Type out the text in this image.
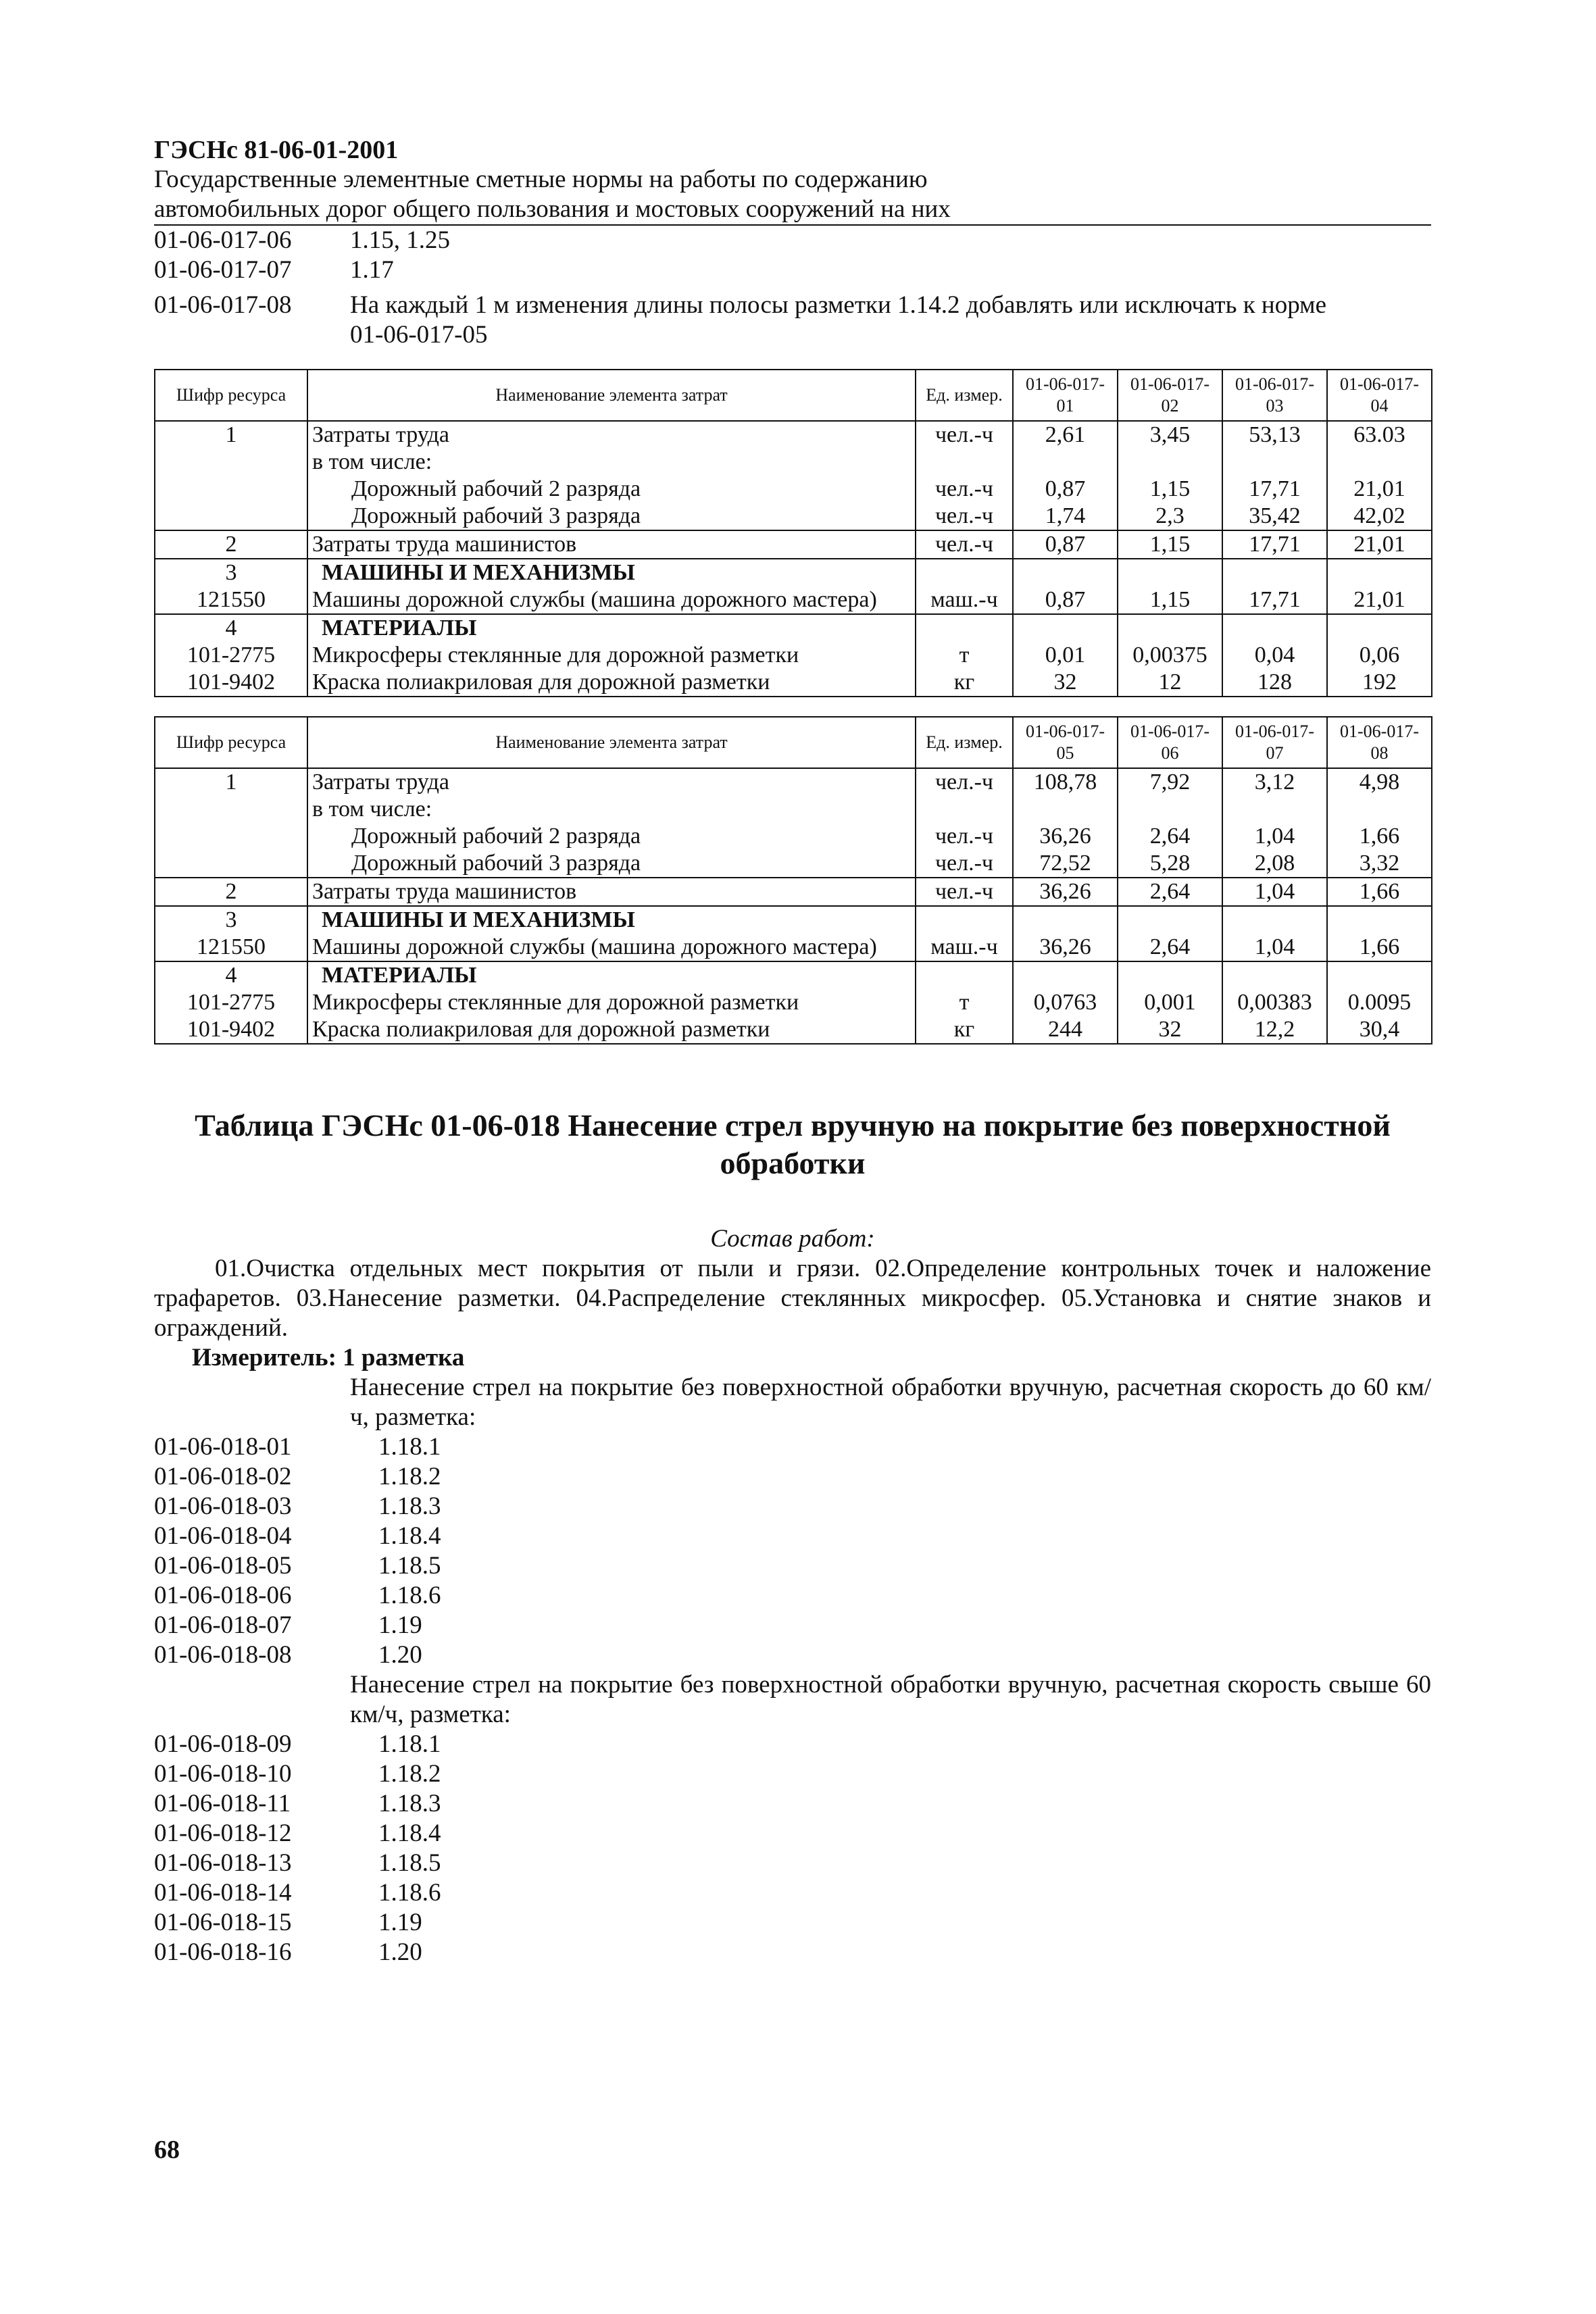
ГЭСНс 81-06-01-2001
Государственные элементные сметные нормы на работы по содержанию
автомобильных дорог общего пользования и мостовых сооружений на них
01-06-017-06	1.15, 1.25
01-06-017-07	1.17
01-06-017-08	На каждый 1 м изменения длины полосы разметки 1.14.2 добавлять или исключать к норме
01-06-017-05
Шифр ресурса	Наименование элемента затрат	Ед. измер.	01-06-017-01	01-06-017-02	01-06-017-03	01-06-017-04
1	Затраты труда	чел.-ч	2,61	3,45	53,13	63.03
	в том числе:					
	Дорожный рабочий 2 разряда	чел.-ч	0,87	1,15	17,71	21,01
	Дорожный рабочий 3 разряда	чел.-ч	1,74	2,3	35,42	42,02
2	Затраты труда машинистов	чел.-ч	0,87	1,15	17,71	21,01
3	МАШИНЫ И МЕХАНИЗМЫ					
121550	Машины дорожной службы (машина дорожного мастера)	маш.-ч	0,87	1,15	17,71	21,01
4	МАТЕРИАЛЫ					
101-2775	Микросферы стеклянные для дорожной разметки	т	0,01	0,00375	0,04	0,06
101-9402	Краска полиакриловая для дорожной разметки	кг	32	12	128	192
Шифр ресурса	Наименование элемента затрат	Ед. измер.	01-06-017-05	01-06-017-06	01-06-017-07	01-06-017-08
1	Затраты труда	чел.-ч	108,78	7,92	3,12	4,98
	в том числе:					
	Дорожный рабочий 2 разряда	чел.-ч	36,26	2,64	1,04	1,66
	Дорожный рабочий 3 разряда	чел.-ч	72,52	5,28	2,08	3,32
2	Затраты труда машинистов	чел.-ч	36,26	2,64	1,04	1,66
3	МАШИНЫ И МЕХАНИЗМЫ					
121550	Машины дорожной службы (машина дорожного мастера)	маш.-ч	36,26	2,64	1,04	1,66
4	МАТЕРИАЛЫ					
101-2775	Микросферы стеклянные для дорожной разметки	т	0,0763	0,001	0,00383	0.0095
101-9402	Краска полиакриловая для дорожной разметки	кг	244	32	12,2	30,4
Таблица ГЭСНс 01-06-018 Нанесение стрел вручную на покрытие без поверхностной
обработки
Состав работ:
01.Очистка отдельных мест покрытия от пыли и грязи. 02.Определение контрольных точек и наложение трафаретов. 03.Нанесение разметки. 04.Распределение стеклянных микросфер. 05.Установка и снятие знаков и ограждений.
Измеритель: 1 разметка
Нанесение стрел на покрытие без поверхностной обработки вручную, расчетная скорость до 60 км/ч, разметка:
01-06-018-01	1.18.1
01-06-018-02	1.18.2
01-06-018-03	1.18.3
01-06-018-04	1.18.4
01-06-018-05	1.18.5
01-06-018-06	1.18.6
01-06-018-07	1.19
01-06-018-08	1.20
Нанесение стрел на покрытие без поверхностной обработки вручную, расчетная скорость свыше 60 км/ч, разметка:
01-06-018-09	1.18.1
01-06-018-10	1.18.2
01-06-018-11	1.18.3
01-06-018-12	1.18.4
01-06-018-13	1.18.5
01-06-018-14	1.18.6
01-06-018-15	1.19
01-06-018-16	1.20
68
